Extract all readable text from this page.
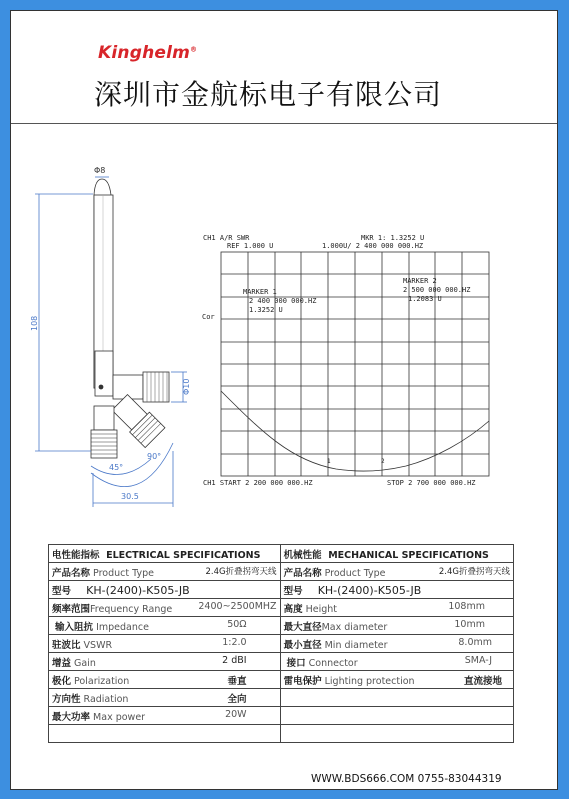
Kinghelm®
深圳市金航标电子有限公司
Φ8
108
Φ10
45°
90°
30.5
CH1 A/R SWR
REF 1.000 U
MKR 1: 1.3252 U
1.000U/ 2 400 000 000.HZ
Cor
MARKER 1
2 400 000 000.HZ
1.3252 U
MARKER 2
2 500 000 000.HZ
1.2083 U
1	2
CH1 START 2 200 000 000.HZ	STOP 2 700 000 000.HZ
电性能指标 ELECTRICAL SPECIFICATIONS	机械性能 MECHANICAL SPECIFICATIONS
产品名称 Product Type 2.4G折叠拐弯天线	产品名称 Product Type 2.4G折叠拐弯天线

型号 KH-(2400)-K505-JB	型号 KH-(2400)-K505-JB
频率范围Frequency Range 2400~2500MHZ	高度 Height 108mm

输入阻抗 Impedance 50Ω	最大直径Max diameter 10mm

驻波比 VSWR 1:2.0	最小直径 Min diameter 8.0mm

增益 Gain 2 dBI	接口 Connector SMA-J

极化 Polarization 垂直	雷电保护 Lighting protection 直流接地

方向性 Radiation 全向	

最大功率 Max power 20W	

WWW.BDS666.COM 0755-83044319
